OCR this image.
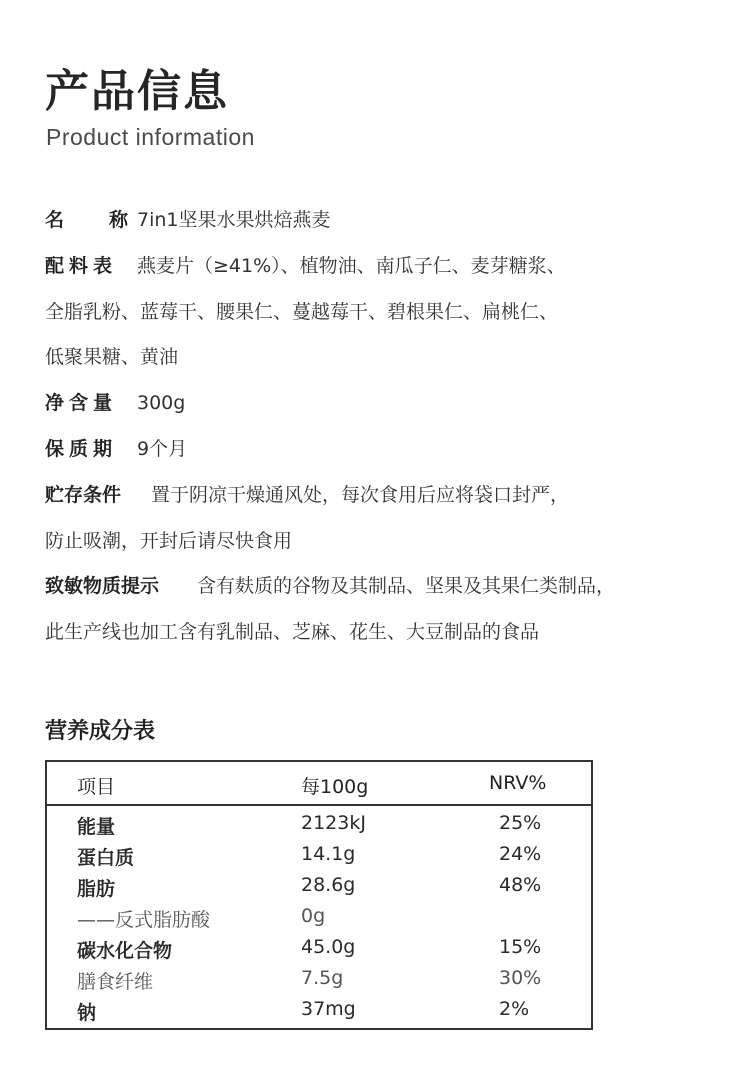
产品信息
Product information
名 称 7in1坚果水果烘焙燕麦
配料表 燕麦片（≥41%）、植物油、南瓜子仁、麦芽糖浆、
全脂乳粉、蓝莓干、腰果仁、蔓越莓干、碧根果仁、扁桃仁、
低聚果糖、黄油
净含量 300g
保质期 9个月
贮存条件 置于阴凉干燥通风处，每次食用后应将袋口封严，
防止吸潮，开封后请尽快食用
致敏物质提示 含有麸质的谷物及其制品、坚果及其果仁类制品，
此生产线也加工含有乳制品、芝麻、花生、大豆制品的食品
营养成分表
项目	每100g	NRV%
能量	2123kJ	25%
蛋白质	14.1g	24%
脂肪	28.6g	48%
——反式脂肪酸	0g
碳水化合物	45.0g	15%
膳食纤维	7.5g	30%
钠	37mg	2%
